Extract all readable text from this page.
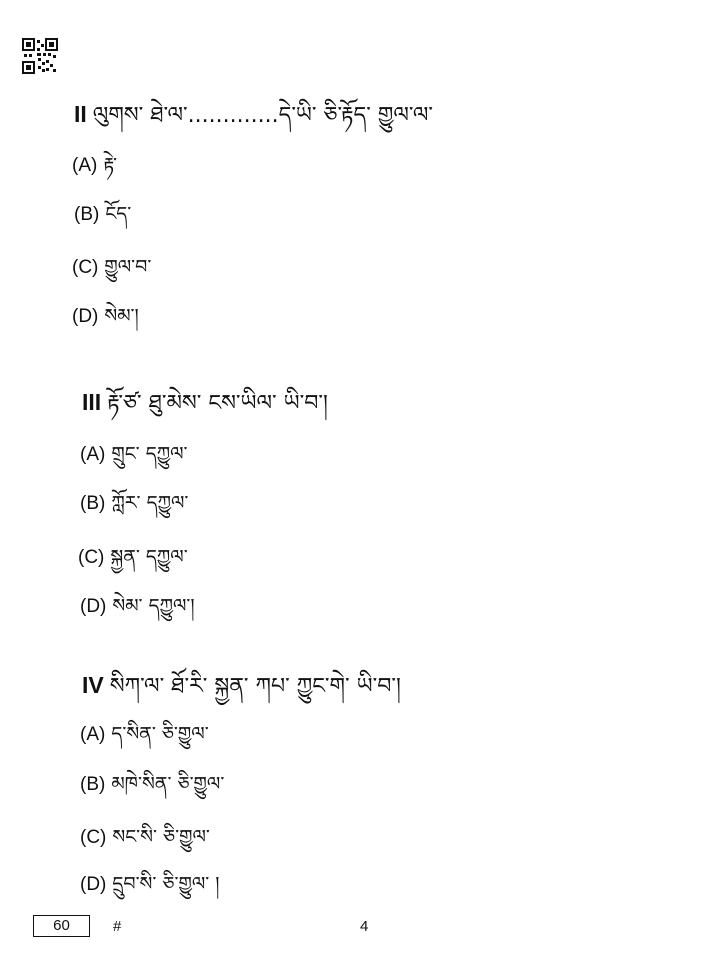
II ལུགས་ ཐེ་ལ་.............དེ་ཡི་ ཅི་རྟོད་ གྱུལ་ལ་
(A) རྟེ་
(B) ངོད་
(C) གྱུལ་བ་
(D) སེམ་།
III རྟོ་ཙ་ ཐུ་མེས་ ངས་ཡིལ་ ཡི་བ་།
(A) གྲུང་ དཀྱུལ་
(B) ཀློར་ དཀྱུལ་
(C) སྐྱན་ དཀྱུལ་
(D) སེམ་ དཀྱུལ་།
IV སིཀ་ལ་ ཐོ་རི་ སྐྱན་ ཀཔ་ ཀྱུང་གེ་ ཡི་བ་།
(A) ད་སིན་ ཅི་གྱུལ་
(B) མཁེ་སིན་ ཅི་གྱུལ་
(C) སང་སི་ ཅི་གྱུལ་
(D) དྲུབ་སི་ ཅི་གྱུལ་ །
60	#	4
